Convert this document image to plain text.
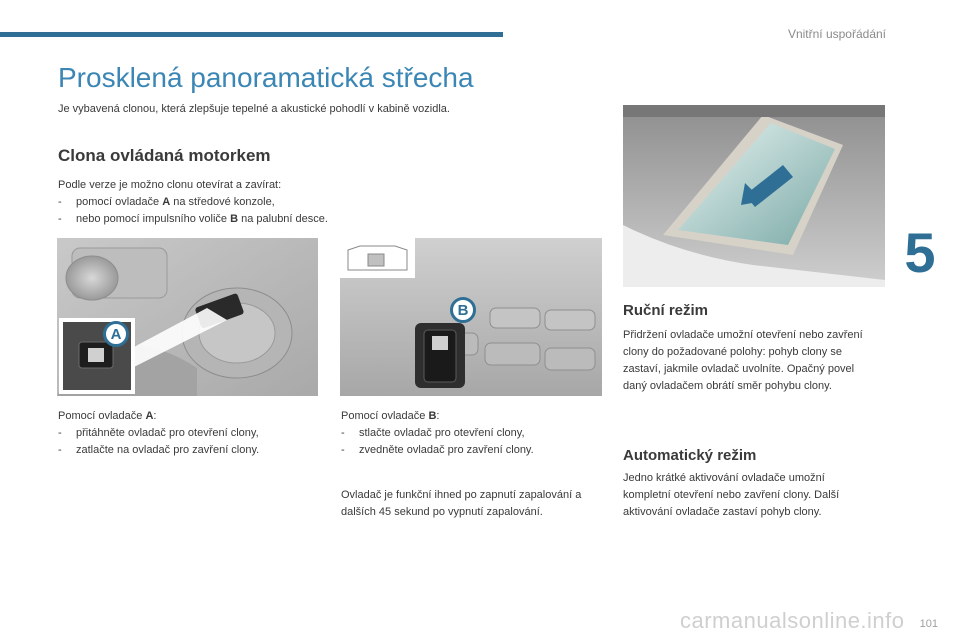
Vnitřní uspořádání
5
Prosklená panoramatická střecha
Je vybavená clonou, která zlepšuje tepelné a akustické pohodlí v kabině vozidla.
Clona ovládaná motorkem

Podle verze je možno clonu otevírat a zavírat:

-	pomocí ovladače A na středové konzole,
-	nebo pomocí impulsního voliče B na palubní desce.
A
B

Pomocí ovladače A:

-	přitáhněte ovladač pro otevření clony,
-	zatlačte na ovladač pro zavření clony.

Pomocí ovladače B:

-	stlačte ovladač pro otevření clony,
-	zvedněte ovladač pro zavření clony.
Ovladač je funkční ihned po zapnutí zapalování a dalších 45 sekund po vypnutí zapalování.
Ruční režim
Přidržení ovladače umožní otevření nebo zavření clony do požadované polohy: pohyb clony se zastaví, jakmile ovladač uvolníte. Opačný povel daný ovladačem obrátí směr pohybu clony.
Automatický režim
Jedno krátké aktivování ovladače umožní kompletní otevření nebo zavření clony. Další aktivování ovladače zastaví pohyb clony.
carmanualsonline.info 101
